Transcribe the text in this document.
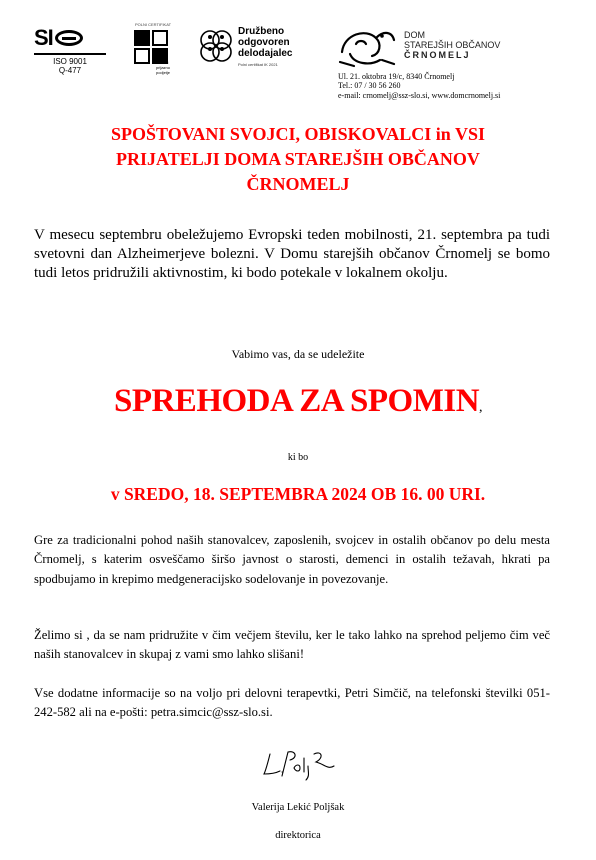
SI
ISO 9001
Q-477
POLNI CERTIFIKAT
Družini
prijazno
podjetje
Družbeno
odgovoren
delodajalec
Polni certifikat IK 2021
DOM
STAREJŠIH OBČANOV
ČRNOMELJ
Ul. 21. oktobra 19/c, 8340 Črnomelj
Tel.: 07 / 30 56 260
e-mail: crnomelj@ssz-slo.si, www.domcrnomelj.si
SPOŠTOVANI SVOJCI, OBISKOVALCI in VSI
PRIJATELJI DOMA STAREJŠIH OBČANOV
ČRNOMELJ

V mesecu septembru obeležujemo Evropski teden mobilnosti, 21. septembra pa tudi svetovni dan Alzheimerjeve bolezni. V Domu starejših občanov Črnomelj se bomo tudi letos pridružili aktivnostim, ki bodo potekale v lokalnem okolju.

Vabimo vas, da se udeležite
SPREHODA ZA SPOMIN,
ki bo
v SREDO, 18. SEPTEMBRA 2024 OB 16. 00 URI.

Gre za tradicionalni pohod naših stanovalcev, zaposlenih, svojcev in ostalih občanov po delu mesta Črnomelj, s katerim osveščamo širšo javnost o starosti, demenci in ostalih težavah, hkrati pa spodbujamo in krepimo medgeneracijsko sodelovanje in povezovanje.

Želimo si , da se nam pridružite v čim večjem številu, ker le tako lahko na sprehod peljemo čim več naših stanovalcev in skupaj z vami smo lahko slišani!

Vse dodatne informacije so na voljo pri delovni terapevtki, Petri Simčič, na telefonski številki 051-242-582 ali na e-pošti: petra.simcic@ssz-slo.si.

Valerija Lekić Poljšak
direktorica
